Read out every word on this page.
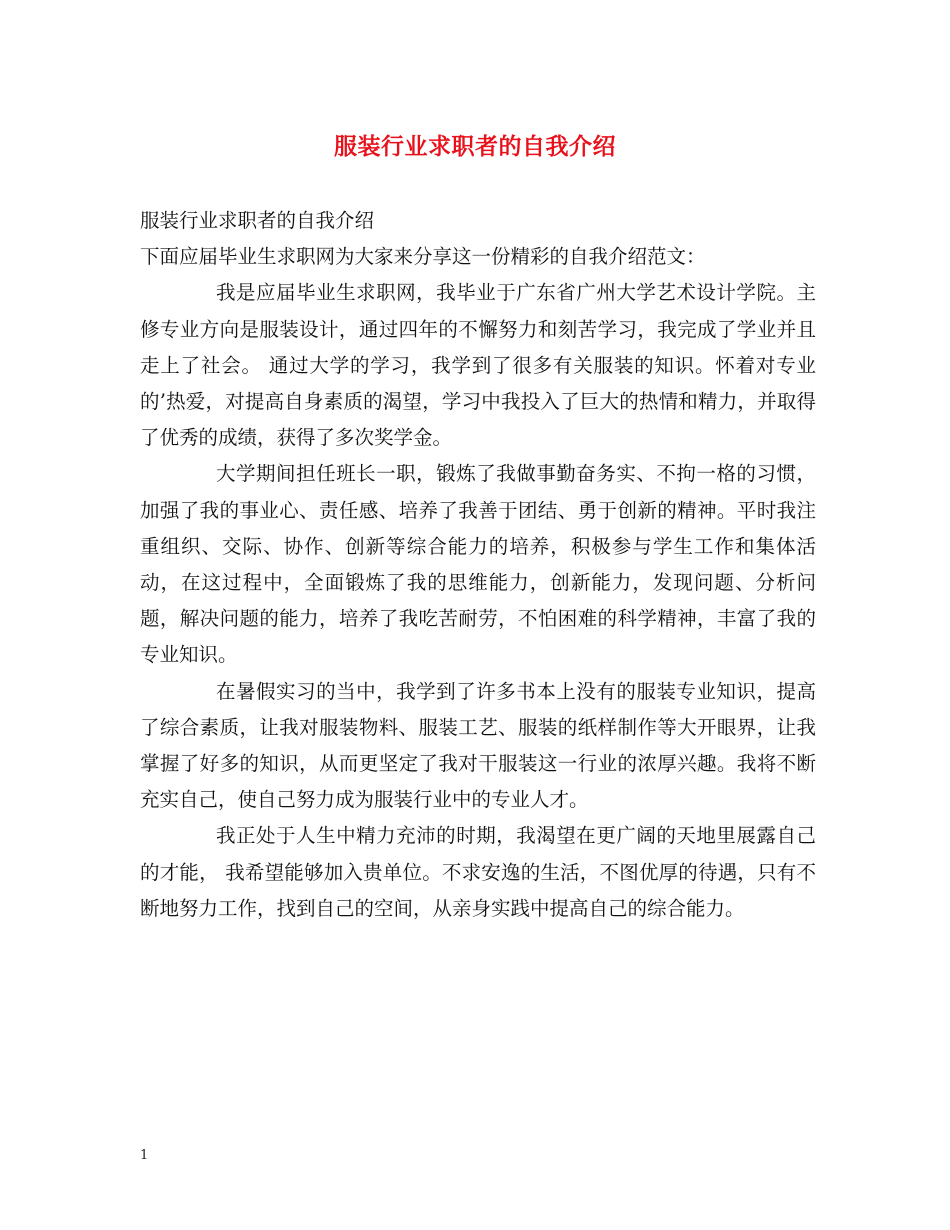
服装行业求职者的自我介绍

服装行业求职者的自我介绍

下面应届毕业生求职网为大家来分享这一份精彩的自我介绍范文：

我是应届毕业生求职网，我毕业于广东省广州大学艺术设计学院。主修专业方向是服装设计，通过四年的不懈努力和刻苦学习，我完成了学业并且走上了社会。 通过大学的学习，我学到了很多有关服装的知识。怀着对专业的’热爱，对提高自身素质的渴望，学习中我投入了巨大的热情和精力，并取得了优秀的成绩，获得了多次奖学金。

大学期间担任班长一职，锻炼了我做事勤奋务实、不拘一格的习惯，加强了我的事业心、责任感、培养了我善于团结、勇于创新的精神。平时我注重组织、交际、协作、创新等综合能力的培养，积极参与学生工作和集体活动，在这过程中，全面锻炼了我的思维能力，创新能力，发现问题、分析问题，解决问题的能力，培养了我吃苦耐劳，不怕困难的科学精神，丰富了我的专业知识。

在暑假实习的当中，我学到了许多书本上没有的服装专业知识，提高了综合素质，让我对服装物料、服装工艺、服装的纸样制作等大开眼界，让我掌握了好多的知识，从而更坚定了我对干服装这一行业的浓厚兴趣。我将不断充实自己，使自己努力成为服装行业中的专业人才。

我正处于人生中精力充沛的时期，我渴望在更广阔的天地里展露自己的才能， 我希望能够加入贵单位。不求安逸的生活，不图优厚的待遇，只有不断地努力工作，找到自己的空间，从亲身实践中提高自己的综合能力。

1
